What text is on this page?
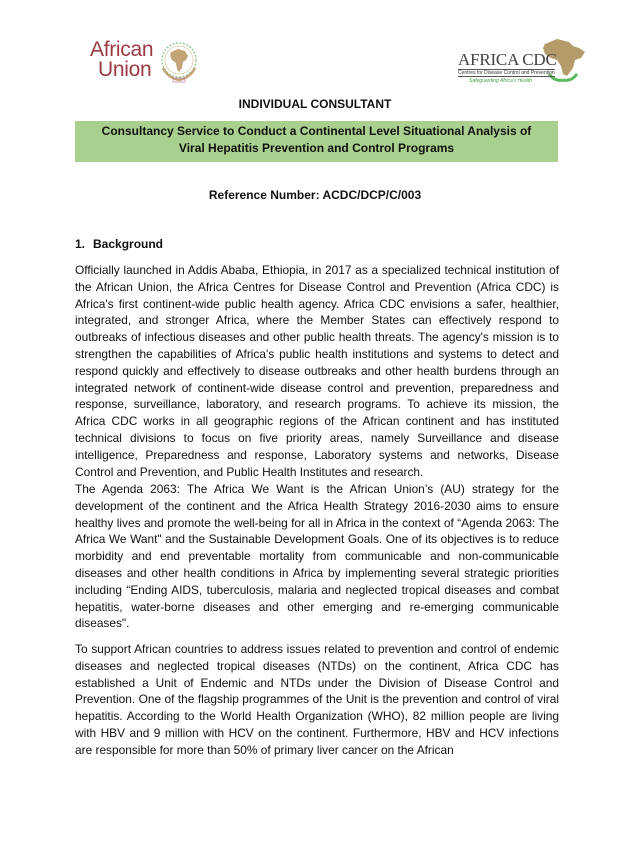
African
Union	AFRICA CDC
Centres for Disease Control and Prevention
Safeguarding Africa's Health
INDIVIDUAL CONSULTANT
Consultancy Service to Conduct a Continental Level Situational Analysis of
Viral Hepatitis Prevention and Control Programs
Reference Number: ACDC/DCP/C/003
1. Background

Officially launched in Addis Ababa, Ethiopia, in 2017 as a specialized technical institution of the African Union, the Africa Centres for Disease Control and Prevention (Africa CDC) is Africa's first continent-wide public health agency. Africa CDC envisions a safer, healthier, integrated, and stronger Africa, where the Member States can effectively respond to outbreaks of infectious diseases and other public health threats. The agency's mission is to strengthen the capabilities of Africa's public health institutions and systems to detect and respond quickly and effectively to disease outbreaks and other health burdens through an integrated network of continent-wide disease control and prevention, preparedness and response, surveillance, laboratory, and research programs. To achieve its mission, the Africa CDC works in all geographic regions of the African continent and has instituted technical divisions to focus on five priority areas, namely Surveillance and disease intelligence, Preparedness and response, Laboratory systems and networks, Disease Control and Prevention, and Public Health Institutes and research.

The Agenda 2063: The Africa We Want is the African Union’s (AU) strategy for the development of the continent and the Africa Health Strategy 2016-2030 aims to ensure healthy lives and promote the well-being for all in Africa in the context of “Agenda 2063: The Africa We Want" and the Sustainable Development Goals. One of its objectives is to reduce morbidity and end preventable mortality from communicable and non-communicable diseases and other health conditions in Africa by implementing several strategic priorities including “Ending AIDS, tuberculosis, malaria and neglected tropical diseases and combat hepatitis, water-borne diseases and other emerging and re-emerging communicable diseases".

To support African countries to address issues related to prevention and control of endemic diseases and neglected tropical diseases (NTDs) on the continent, Africa CDC has established a Unit of Endemic and NTDs under the Division of Disease Control and Prevention. One of the flagship programmes of the Unit is the prevention and control of viral hepatitis. According to the World Health Organization (WHO), 82 million people are living with HBV and 9 million with HCV on the continent. Furthermore, HBV and HCV infections are responsible for more than 50% of primary liver cancer on the African
